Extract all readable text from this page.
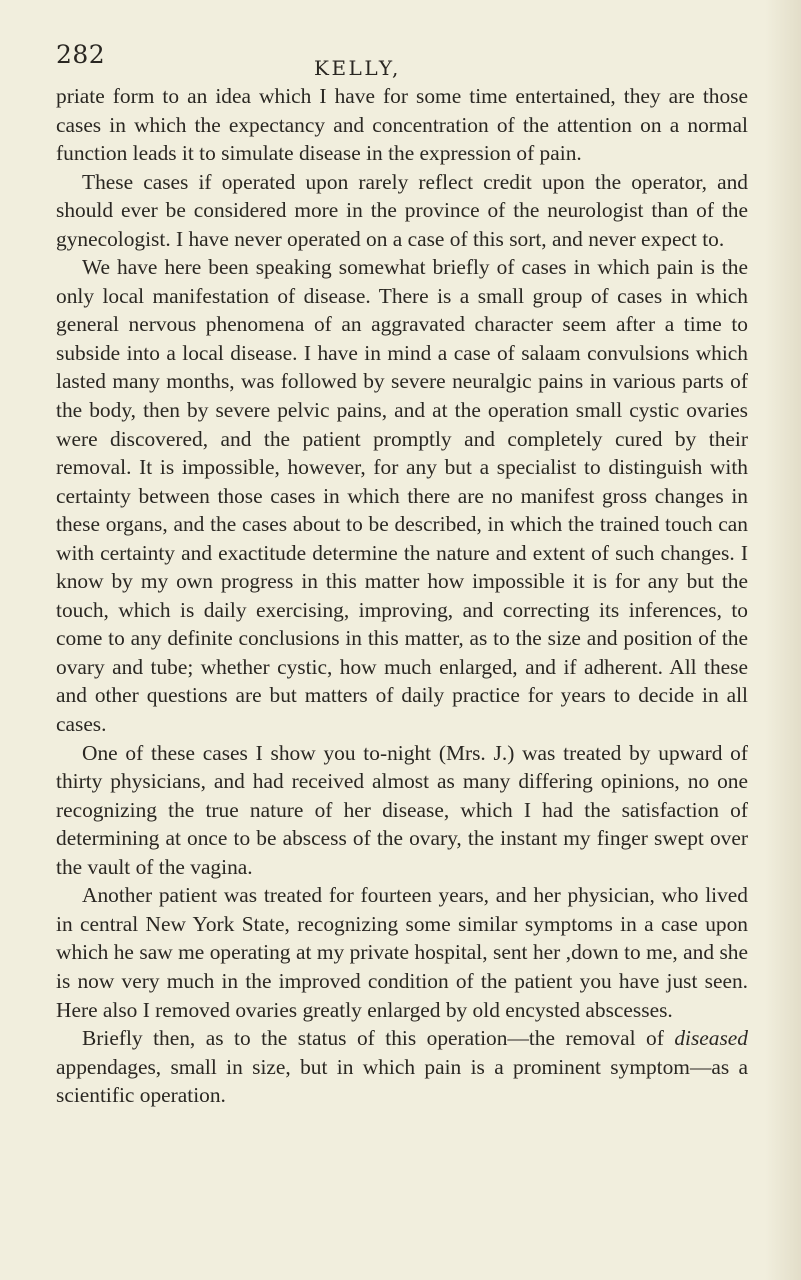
282	KELLY,

priate form to an idea which I have for some time entertained, they are those cases in which the expectancy and concentration of the attention on a normal function leads it to simulate disease in the expression of pain.

These cases if operated upon rarely reflect credit upon the operator, and should ever be considered more in the province of the neurologist than of the gynecologist. I have never operated on a case of this sort, and never expect to.

We have here been speaking somewhat briefly of cases in which pain is the only local manifestation of disease. There is a small group of cases in which general nervous phenomena of an aggravated character seem after a time to subside into a local disease. I have in mind a case of salaam convulsions which lasted many months, was followed by severe neuralgic pains in various parts of the body, then by severe pelvic pains, and at the operation small cystic ovaries were discovered, and the patient promptly and completely cured by their removal. It is impossible, however, for any but a specialist to distinguish with certainty between those cases in which there are no manifest gross changes in these organs, and the cases about to be described, in which the trained touch can with certainty and exactitude determine the nature and extent of such changes. I know by my own progress in this matter how impossible it is for any but the touch, which is daily exercising, improving, and correcting its inferences, to come to any definite conclusions in this matter, as to the size and position of the ovary and tube; whether cystic, how much enlarged, and if adherent. All these and other questions are but matters of daily practice for years to decide in all cases.

One of these cases I show you to-night (Mrs. J.) was treated by upward of thirty physicians, and had received almost as many differing opinions, no one recognizing the true nature of her disease, which I had the satisfaction of determining at once to be abscess of the ovary, the instant my finger swept over the vault of the vagina.

Another patient was treated for fourteen years, and her physician, who lived in central New York State, recognizing some similar symptoms in a case upon which he saw me operating at my private hospital, sent her ,down to me, and she is now very much in the improved condition of the patient you have just seen. Here also I removed ovaries greatly enlarged by old encysted abscesses.

Briefly then, as to the status of this operation—the removal of diseased appendages, small in size, but in which pain is a prominent symptom—as a scientific operation.
